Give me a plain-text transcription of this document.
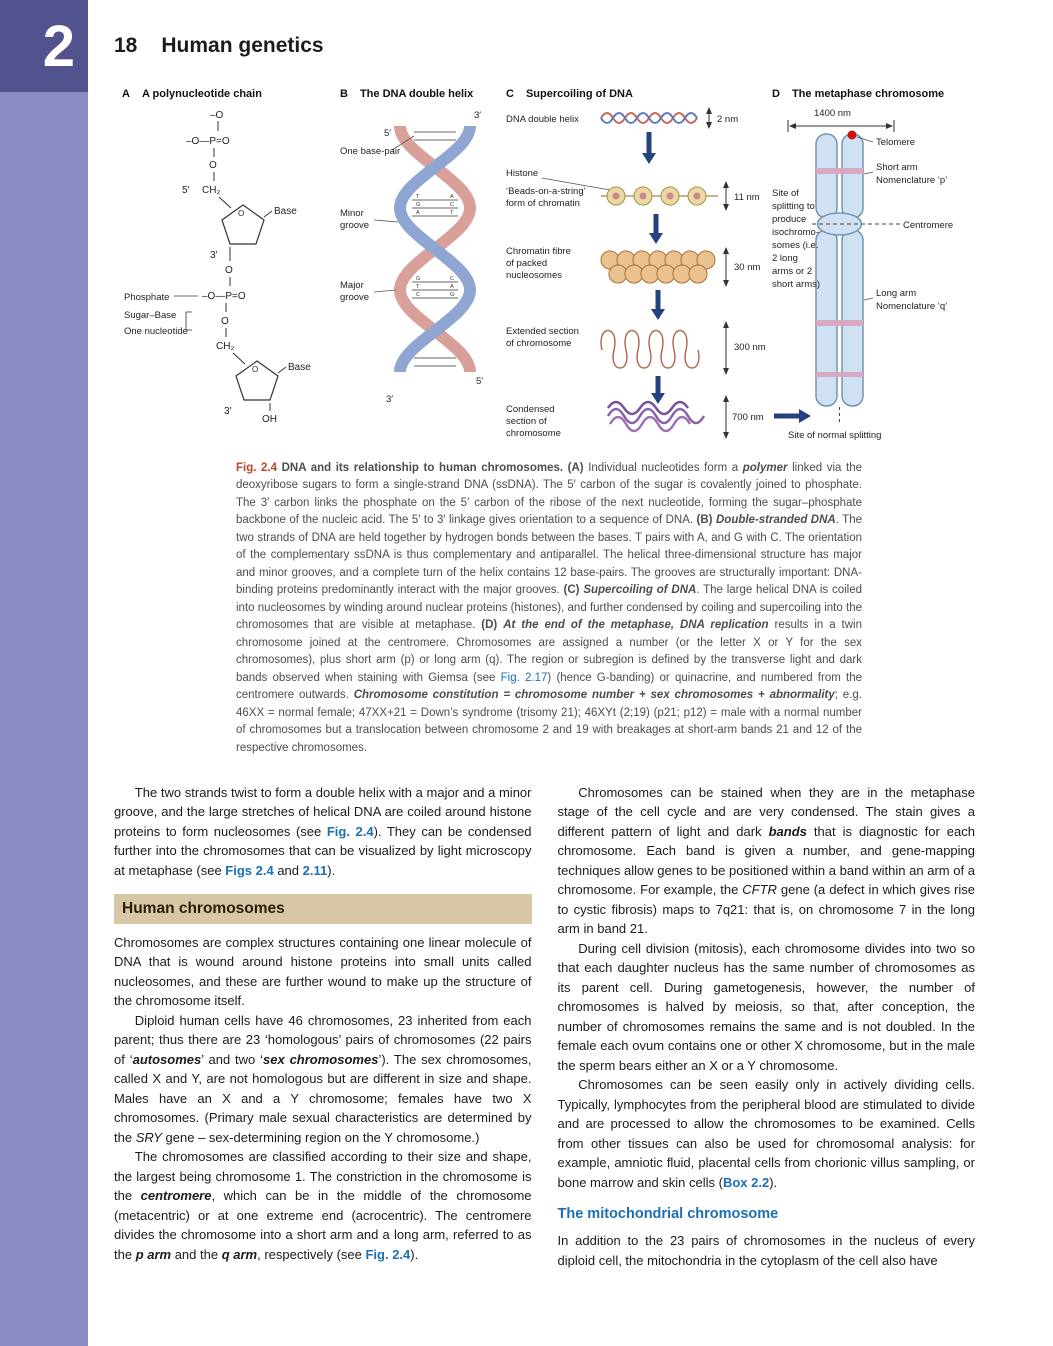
2 18 Human genetics
A A polynucleotide chain
–O
–O—P=O
O
5′ CH₂
O	Base
3′
O
–O—P=O
O
CH₂
O	Base
3′
OH
Phosphate
Sugar–Base
One nucleotide
B The DNA double helix
T	A
G	C
A	T
G	C
T	A
C	G
3′
5′
One base-pair
Minor
groove
Major
groove
5′
3′
C Supercoiling of DNA
DNA double helix	2 nm
Histone
‘Beads-on-a-string’
form of chromatin
11 nm
Chromatin fibre
of packed
nucleosomes
30 nm
Extended section
of chromosome	300 nm
Condensed
section of
chromosome
700 nm
D The metaphase chromosome
1400 nm
Telomere
Short arm
Nomenclature ‘p’
Centromere
Long arm
Nomenclature ‘q’
Site of
splitting to
produce
isochromo-
somes (i.e.
2 long
arms or 2
short arms)
Site of normal splitting

Fig. 2.4 DNA and its relationship to human chromosomes. (A) Individual nucleotides form a polymer linked via the deoxyribose sugars to form a single-strand DNA (ssDNA). The 5′ carbon of the sugar is covalently joined to phosphate. The 3′ carbon links the phosphate on the 5′ carbon of the ribose of the next nucleotide, forming the sugar–phosphate backbone of the nucleic acid. The 5′ to 3′ linkage gives orientation to a sequence of DNA. (B) Double-stranded DNA. The two strands of DNA are held together by hydrogen bonds between the bases. T pairs with A, and G with C. The orientation of the complementary ssDNA is thus complementary and antiparallel. The helical three-dimensional structure has major and minor grooves, and a complete turn of the helix contains 12 base-pairs. The grooves are structurally important: DNA-binding proteins predominantly interact with the major grooves. (C) Supercoiling of DNA. The large helical DNA is coiled into nucleosomes by winding around nuclear proteins (histones), and further condensed by coiling and supercoiling into the chromosomes that are visible at metaphase. (D) At the end of the metaphase, DNA replication results in a twin chromosome joined at the centromere. Chromosomes are assigned a number (or the letter X or Y for the sex chromosomes), plus short arm (p) or long arm (q). The region or subregion is defined by the transverse light and dark bands observed when staining with Giemsa (see Fig. 2.17) (hence G-banding) or quinacrine, and numbered from the centromere outwards. Chromosome constitution = chromosome number + sex chromosomes + abnormality; e.g. 46XX = normal female; 47XX+21 = Down’s syndrome (trisomy 21); 46XYt (2;19) (p21; p12) = male with a normal number of chromosomes but a translocation between chromosome 2 and 19 with breakages at short-arm bands 21 and 12 of the respective chromosomes.

The two strands twist to form a double helix with a major and a minor groove, and the large stretches of helical DNA are coiled around histone proteins to form nucleosomes (see Fig. 2.4). They can be condensed further into the chromosomes that can be visualized by light microscopy at metaphase (see Figs 2.4 and 2.11).

Human chromosomes

Chromosomes are complex structures containing one linear molecule of DNA that is wound around histone proteins into small units called nucleosomes, and these are further wound to make up the structure of the chromosome itself.

Diploid human cells have 46 chromosomes, 23 inherited from each parent; thus there are 23 ‘homologous’ pairs of chromosomes (22 pairs of ‘autosomes’ and two ‘sex chromosomes’). The sex chromosomes, called X and Y, are not homologous but are different in size and shape. Males have an X and a Y chromosome; females have two X chromosomes. (Primary male sexual characteristics are determined by the SRY gene – sex-determining region on the Y chromosome.)

The chromosomes are classified according to their size and shape, the largest being chromosome 1. The constriction in the chromosome is the centromere, which can be in the middle of the chromosome (metacentric) or at one extreme end (acrocentric). The centromere divides the chromosome into a short arm and a long arm, referred to as the p arm and the q arm, respectively (see Fig. 2.4).

Chromosomes can be stained when they are in the metaphase stage of the cell cycle and are very condensed. The stain gives a different pattern of light and dark bands that is diagnostic for each chromosome. Each band is given a number, and gene-mapping techniques allow genes to be positioned within a band within an arm of a chromosome. For example, the CFTR gene (a defect in which gives rise to cystic fibrosis) maps to 7q21: that is, on chromosome 7 in the long arm in band 21.

During cell division (mitosis), each chromosome divides into two so that each daughter nucleus has the same number of chromosomes as its parent cell. During gametogenesis, however, the number of chromosomes is halved by meiosis, so that, after conception, the number of chromosomes remains the same and is not doubled. In the female each ovum contains one or other X chromosome, but in the male the sperm bears either an X or a Y chromosome.

Chromosomes can be seen easily only in actively dividing cells. Typically, lymphocytes from the peripheral blood are stimulated to divide and are processed to allow the chromosomes to be examined. Cells from other tissues can also be used for chromosomal analysis: for example, amniotic fluid, placental cells from chorionic villus sampling, or bone marrow and skin cells (Box 2.2).

The mitochondrial chromosome

In addition to the 23 pairs of chromosomes in the nucleus of every diploid cell, the mitochondria in the cytoplasm of the cell also have
